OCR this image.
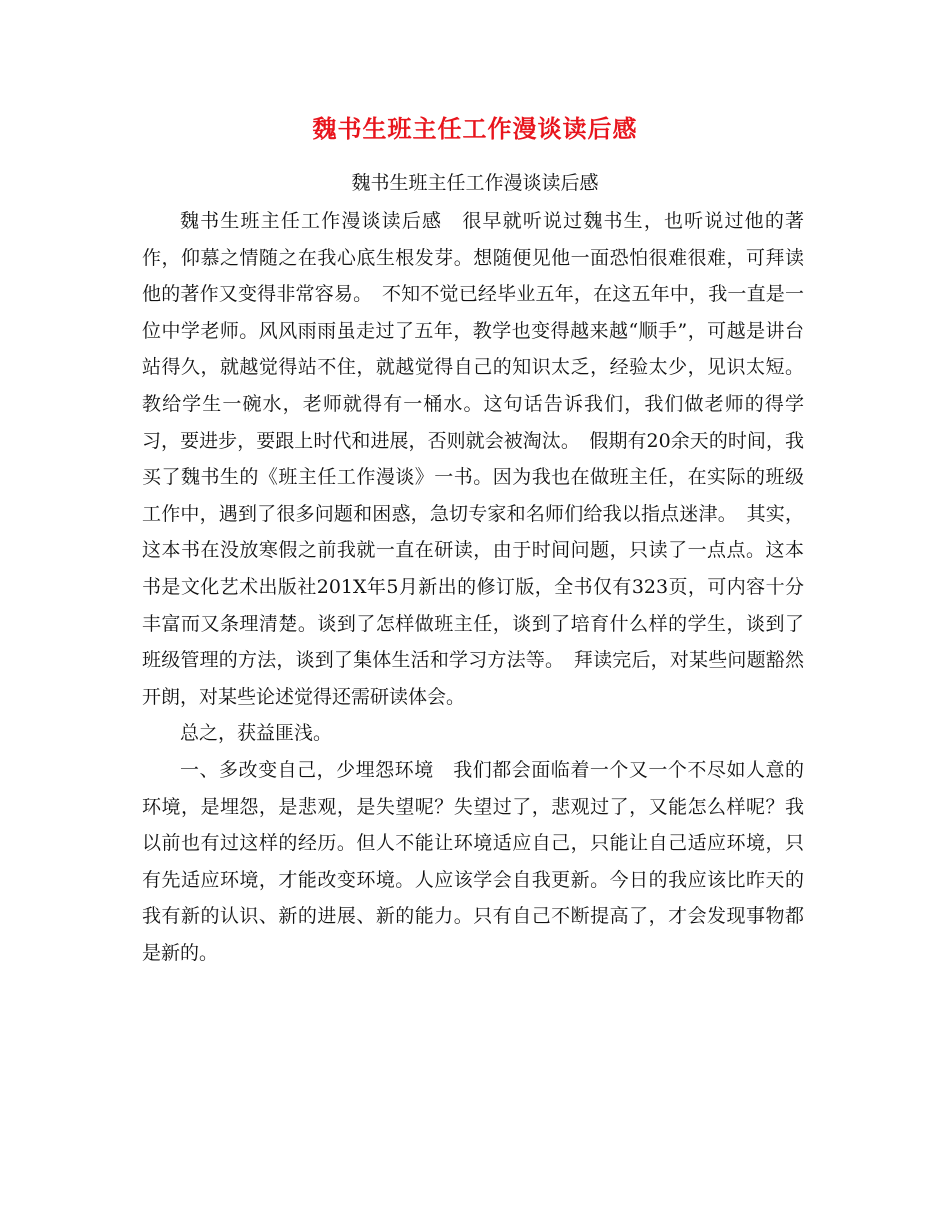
魏书生班主任工作漫谈读后感
魏书生班主任工作漫谈读后感

魏书生班主任工作漫谈读后感　很早就听说过魏书生，也听说过他的著作，仰慕之情随之在我心底生根发芽。想随便见他一面恐怕很难很难，可拜读他的著作又变得非常容易。　不知不觉已经毕业五年，在这五年中，我一直是一位中学老师。风风雨雨虽走过了五年，教学也变得越来越“顺手”，可越是讲台站得久，就越觉得站不住，就越觉得自己的知识太乏，经验太少，见识太短。教给学生一碗水，老师就得有一桶水。这句话告诉我们，我们做老师的得学习，要进步，要跟上时代和进展，否则就会被淘汰。　假期有20余天的时间，我买了魏书生的《班主任工作漫谈》一书。因为我也在做班主任，在实际的班级工作中，遇到了很多问题和困惑，急切专家和名师们给我以指点迷津。　其实，这本书在没放寒假之前我就一直在研读，由于时间问题，只读了一点点。这本书是文化艺术出版社201X年5月新出的修订版，全书仅有323页，可内容十分丰富而又条理清楚。谈到了怎样做班主任，谈到了培育什么样的学生，谈到了班级管理的方法，谈到了集体生活和学习方法等。　拜读完后，对某些问题豁然开朗，对某些论述觉得还需研读体会。

总之，获益匪浅。

一、多改变自己，少埋怨环境　我们都会面临着一个又一个不尽如人意的环境，是埋怨，是悲观，是失望呢？失望过了，悲观过了，又能怎么样呢？我以前也有过这样的经历。但人不能让环境适应自己，只能让自己适应环境，只有先适应环境，才能改变环境。人应该学会自我更新。今日的我应该比昨天的我有新的认识、新的进展、新的能力。只有自己不断提高了，才会发现事物都是新的。
